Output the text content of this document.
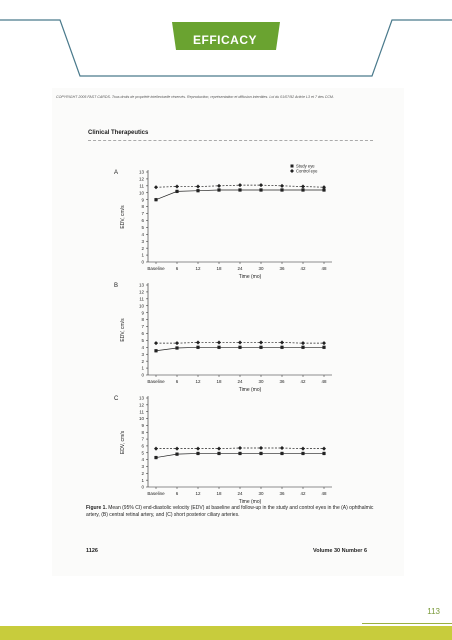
EFFICACY
COPYRIGHT 2005 FAST CARDS. Tous droits de propriété intellectuelle réservés. Reproduction, représentation et diffusion interdites. Loi du 01/07/92 Article L3 et 7 des CCM.
Clinical Therapeutics
A
0
1
2
3
4
5
6
7
8
9
10
11
12
13
Baseline 6	12	18	24	30	36	42	48
Time (mo)
EDV, cm/s
Study eye
Control eye
B
0
1
2
3
4
5
6
7
8
9
10
11
12
13
Baseline 6	12	18	24	30	36	42	48
Time (mo)
EDV, cm/s
C
0
1
2
3
4
5
6
7
8
9
10
11
12
13
Baseline 6	12	18	24	30	36	42	48
Time (mo)
EDV, cm/s
Figure 1. Mean (95% CI) end-diastolic velocity (EDV) at baseline and follow-up in the study and control eyes in the (A) ophthalmic artery, (B) central retinal artery, and (C) short posterior ciliary arteries.
1126	Volume 30 Number 6
113
